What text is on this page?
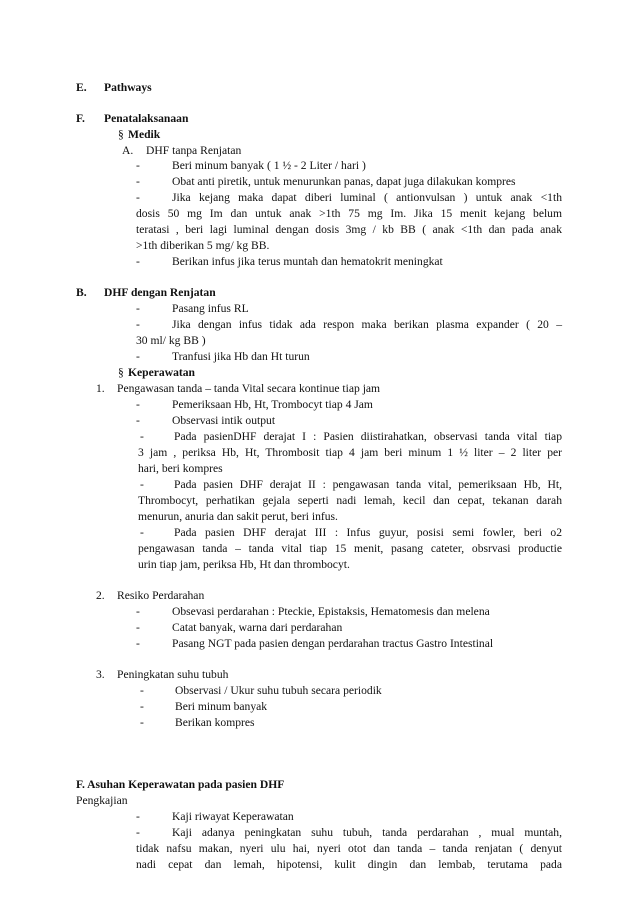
E. Pathways
F. Penatalaksanaan
§ Medik
A. DHF tanpa Renjatan
-	Beri minum banyak ( 1 ½ - 2 Liter / hari )
-	Obat anti piretik, untuk menurunkan panas, dapat juga dilakukan kompres
-	Jika kejang maka dapat diberi luminal ( antionvulsan ) untuk anak <1th
dosis 50 mg Im dan untuk anak >1th 75 mg Im. Jika 15 menit kejang belum
teratasi , beri lagi luminal dengan dosis 3mg / kb BB ( anak <1th dan pada anak
>1th diberikan 5 mg/ kg BB.
-	Berikan infus jika terus muntah dan hematokrit meningkat
B. DHF dengan Renjatan
-	Pasang infus RL
-	Jika dengan infus tidak ada respon maka berikan plasma expander ( 20 –
30 ml/ kg BB )
-	Tranfusi jika Hb dan Ht turun
§ Keperawatan
1. Pengawasan tanda – tanda Vital secara kontinue tiap jam
-	Pemeriksaan Hb, Ht, Trombocyt tiap 4 Jam
-	Observasi intik output
-	Pada pasienDHF derajat I : Pasien diistirahatkan, observasi tanda vital tiap
3 jam , periksa Hb, Ht, Thrombosit tiap 4 jam beri minum 1 ½ liter – 2 liter per
hari, beri kompres
-	Pada pasien DHF derajat II : pengawasan tanda vital, pemeriksaan Hb, Ht,
Thrombocyt, perhatikan gejala seperti nadi lemah, kecil dan cepat, tekanan darah
menurun, anuria dan sakit perut, beri infus.
-	Pada pasien DHF derajat III : Infus guyur, posisi semi fowler, beri o2
pengawasan tanda – tanda vital tiap 15 menit, pasang cateter, obsrvasi productie
urin tiap jam, periksa Hb, Ht dan thrombocyt.
2. Resiko Perdarahan
-	Obsevasi perdarahan : Pteckie, Epistaksis, Hematomesis dan melena
-	Catat banyak, warna dari perdarahan
-	Pasang NGT pada pasien dengan perdarahan tractus Gastro Intestinal
3. Peningkatan suhu tubuh
-	Observasi / Ukur suhu tubuh secara periodik
-	Beri minum banyak
-	Berikan kompres
F. Asuhan Keperawatan pada pasien DHF
Pengkajian
-	Kaji riwayat Keperawatan
-	Kaji adanya peningkatan suhu tubuh, tanda perdarahan , mual muntah,
tidak nafsu makan, nyeri ulu hai, nyeri otot dan tanda – tanda renjatan ( denyut
nadi cepat dan lemah, hipotensi, kulit dingin dan lembab, terutama pada
